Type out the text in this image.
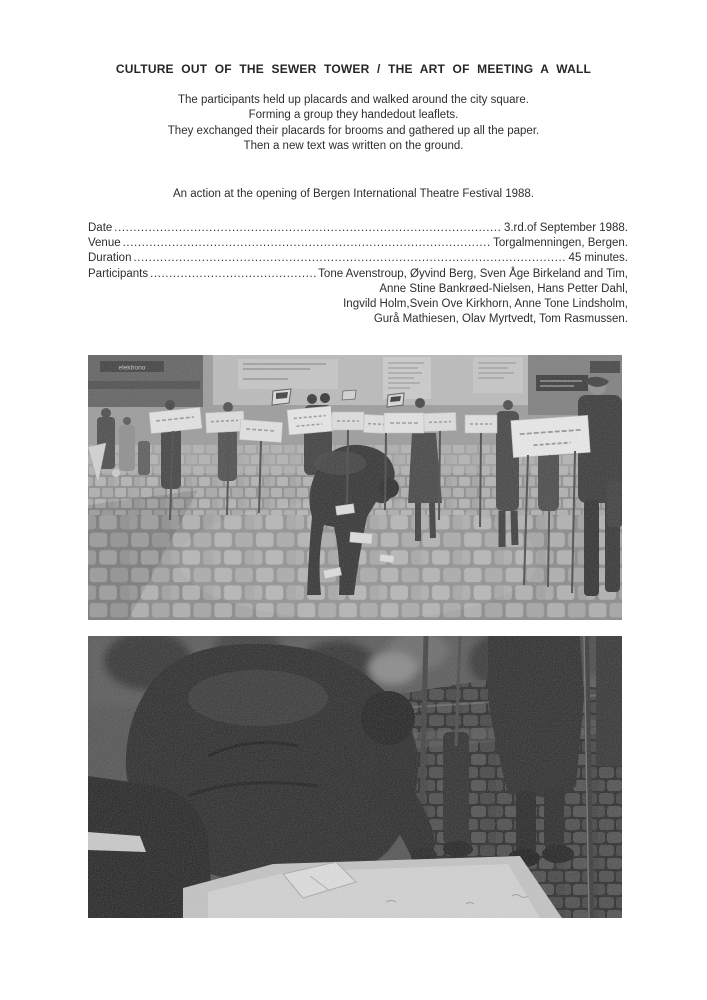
CULTURE OUT OF THE SEWER TOWER / THE ART OF MEETING A WALL
The participants held up placards and walked around the city square.
Forming a group they handedout leaflets.
They exchanged their placards for brooms and gathered up all the paper.
Then a new text was written on the ground.
An action at the opening of Bergen International Theatre Festival 1988.
Date .....	3.rd.of September 1988.
Venue .....	Torgalmenningen, Bergen.
Duration .....	45 minutes.
Participants .....	Tone Avenstroup, Øyvind Berg, Sven Åge Birkeland and Tim,
Anne Stine Bankrøed-Nielsen, Hans Petter Dahl,
Ingvild Holm,Svein Ove Kirkhorn, Anne Tone Lindsholm,
Gurå Mathiesen, Olav Myrtvedt, Tom Rasmussen.
